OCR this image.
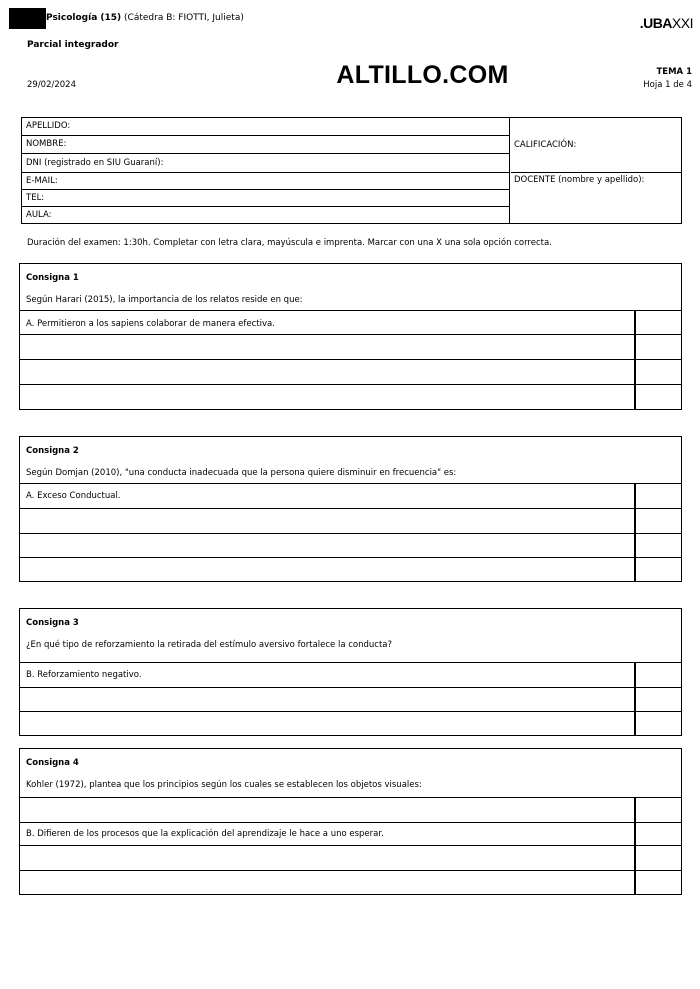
Psicología (15) (Cátedra B: FIOTTI, Julieta)	.UBAXXI
Parcial integrador
29/02/2024	ALTILLO.COM	TEMA 1
Hoja 1 de 4
APELLIDO:
NOMBRE:
DNI (registrado en SIU Guaraní):
E-MAIL:
TEL:
AULA:
CALIFICACIÓN:
DOCENTE (nombre y apellido):
Duración del examen: 1:30h. Completar con letra clara, mayúscula e imprenta. Marcar con una X una sola opción correcta.
Consigna 1
Según Harari (2015), la importancia de los relatos reside en que:
A. Permitieron a los sapiens colaborar de manera efectiva.
Consigna 2
Según Domjan (2010), "una conducta inadecuada que la persona quiere disminuir en frecuencia" es:
A. Exceso Conductual.
Consigna 3
¿En qué tipo de reforzamiento la retirada del estímulo aversivo fortalece la conducta?
B. Reforzamiento negativo.
Consigna 4
Kohler (1972), plantea que los principios según los cuales se establecen los objetos visuales:
B. Difieren de los procesos que la explicación del aprendizaje le hace a uno esperar.
